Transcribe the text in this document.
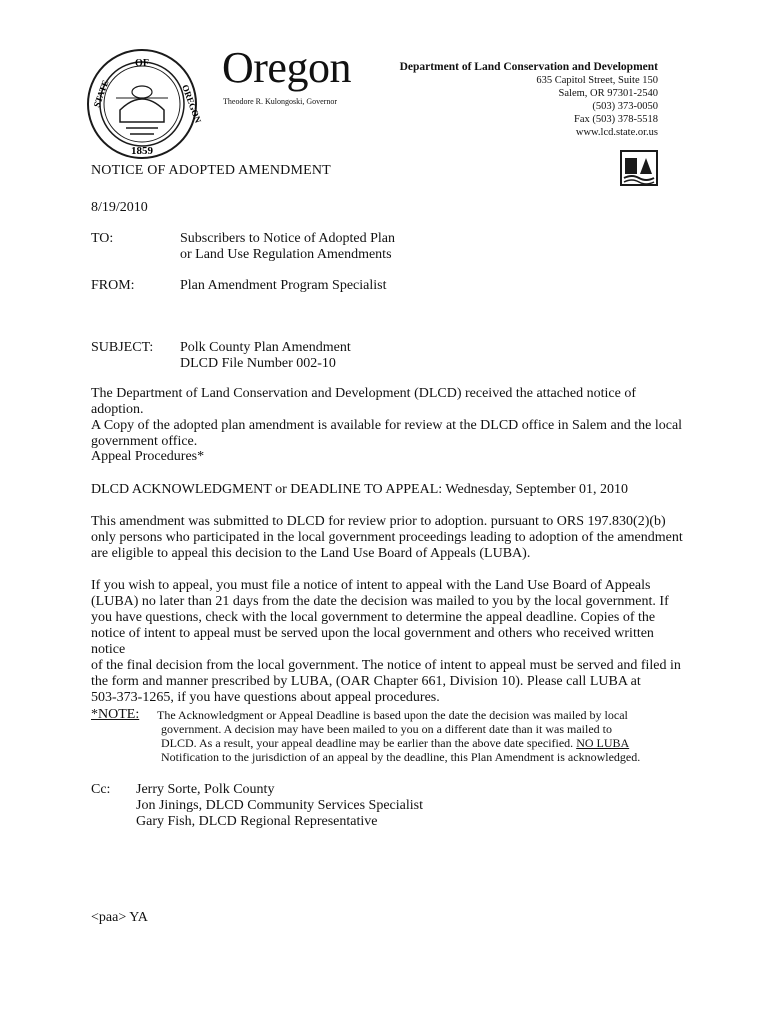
OF
1859
STATE	OREGON
Oregon
Theodore R. Kulongoski, Governor
Department of Land Conservation and Development
635 Capitol Street, Suite 150
Salem, OR 97301-2540
(503) 373-0050
Fax (503) 378-5518
www.lcd.state.or.us
NOTICE OF ADOPTED AMENDMENT
8/19/2010
TO:	Subscribers to Notice of Adopted Plan
or Land Use Regulation Amendments
FROM:	Plan Amendment Program Specialist
SUBJECT: Polk County Plan Amendment
DLCD File Number 002-10
The Department of Land Conservation and Development (DLCD) received the attached notice of adoption.
A Copy of the adopted plan amendment is available for review at the DLCD office in Salem and the local
government office.
Appeal Procedures*
DLCD ACKNOWLEDGMENT or DEADLINE TO APPEAL: Wednesday, September 01, 2010
This amendment was submitted to DLCD for review prior to adoption. pursuant to ORS 197.830(2)(b)
only persons who participated in the local government proceedings leading to adoption of the amendment
are eligible to appeal this decision to the Land Use Board of Appeals (LUBA).
If you wish to appeal, you must file a notice of intent to appeal with the Land Use Board of Appeals
(LUBA) no later than 21 days from the date the decision was mailed to you by the local government. If
you have questions, check with the local government to determine the appeal deadline. Copies of the
notice of intent to appeal must be served upon the local government and others who received written notice
of the final decision from the local government. The notice of intent to appeal must be served and filed in
the form and manner prescribed by LUBA, (OAR Chapter 661, Division 10). Please call LUBA at
503-373-1265, if you have questions about appeal procedures.
*NOTE: The Acknowledgment or Appeal Deadline is based upon the date the decision was mailed by local
government. A decision may have been mailed to you on a different date than it was mailed to
DLCD. As a result, your appeal deadline may be earlier than the above date specified. NO LUBA
Notification to the jurisdiction of an appeal by the deadline, this Plan Amendment is acknowledged.
Cc: Jerry Sorte, Polk County
Jon Jinings, DLCD Community Services Specialist
Gary Fish, DLCD Regional Representative
<paa> YA
